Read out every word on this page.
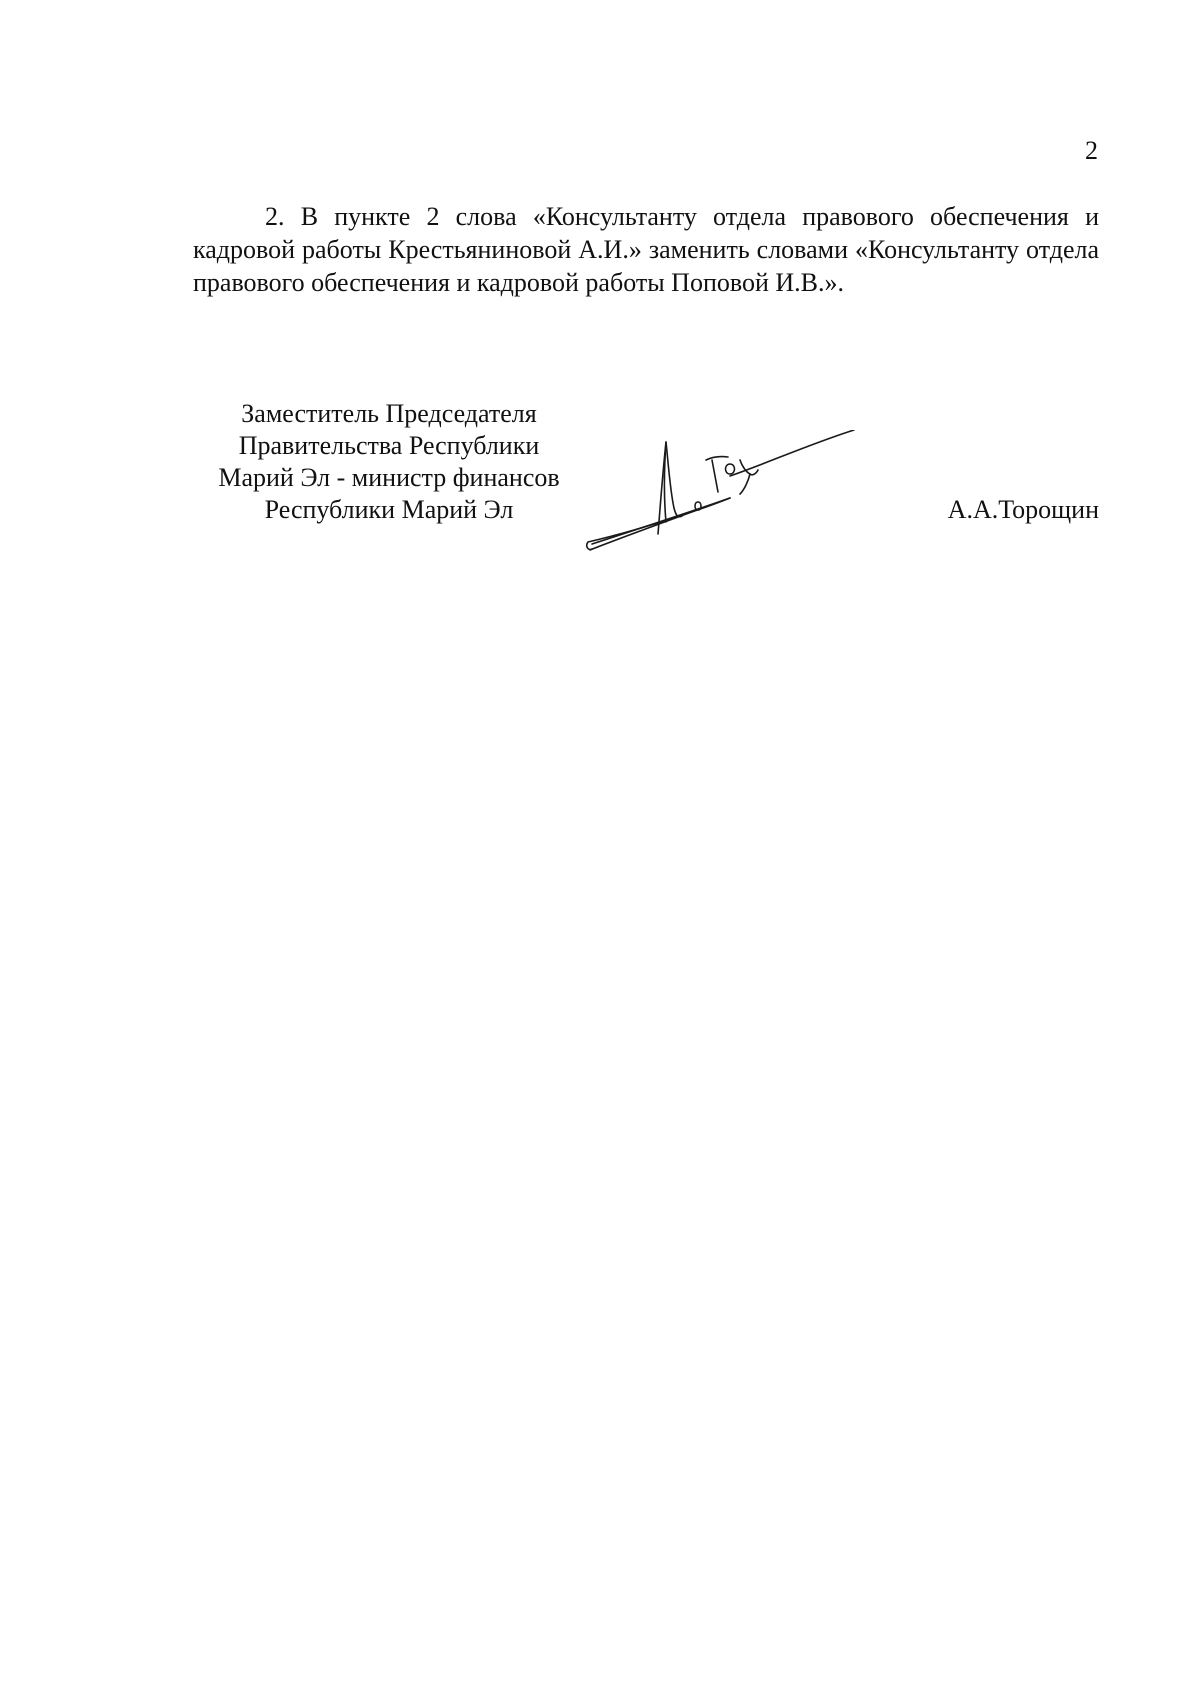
2

2. В пункте 2 слова «Консультанту отдела правового обеспечения и кадровой работы Крестьяниновой А.И.» заменить словами «Консультанту отдела правового обеспечения и кадровой работы Поповой И.В.».

Заместитель Председателя
Правительства Республики
Марий Эл - министр финансов
Республики Марий Эл	А.А.Торощин
